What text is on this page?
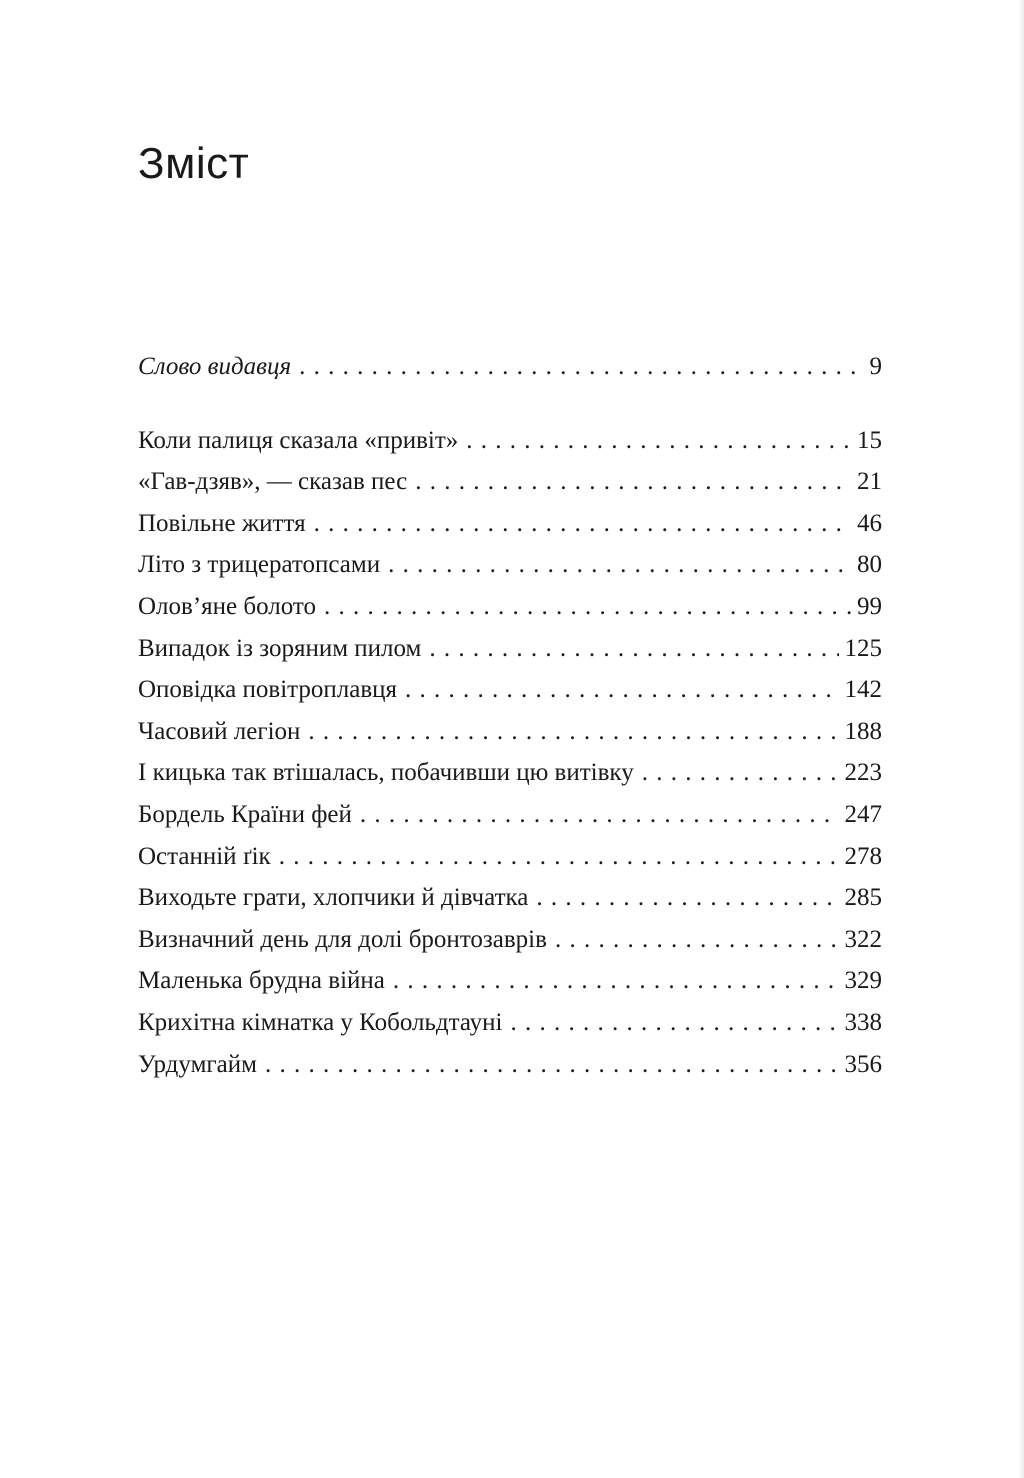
Зміст
Слово видавця . . .	9
Коли палиця сказала «привіт» . . .	15
«Гав-дзяв», — сказав пес . . .	21
Повільне життя . . .	46
Літо з трицератопсами . . .	80
Олов’яне болото . . .	99
Випадок із зоряним пилом . . .	125
Оповідка повітроплавця . . .	142
Часовий легіон . . .	188
І кицька так втішалась, побачивши цю витівку . . .	223
Бордель Країни фей . . .	247
Останній ґік . . .	278
Виходьте грати, хлопчики й дівчатка . . .	285
Визначний день для долі бронтозаврів . . .	322
Маленька брудна війна . . .	329
Крихітна кімнатка у Кобольдтауні . . .	338
Урдумгайм . . .	356
